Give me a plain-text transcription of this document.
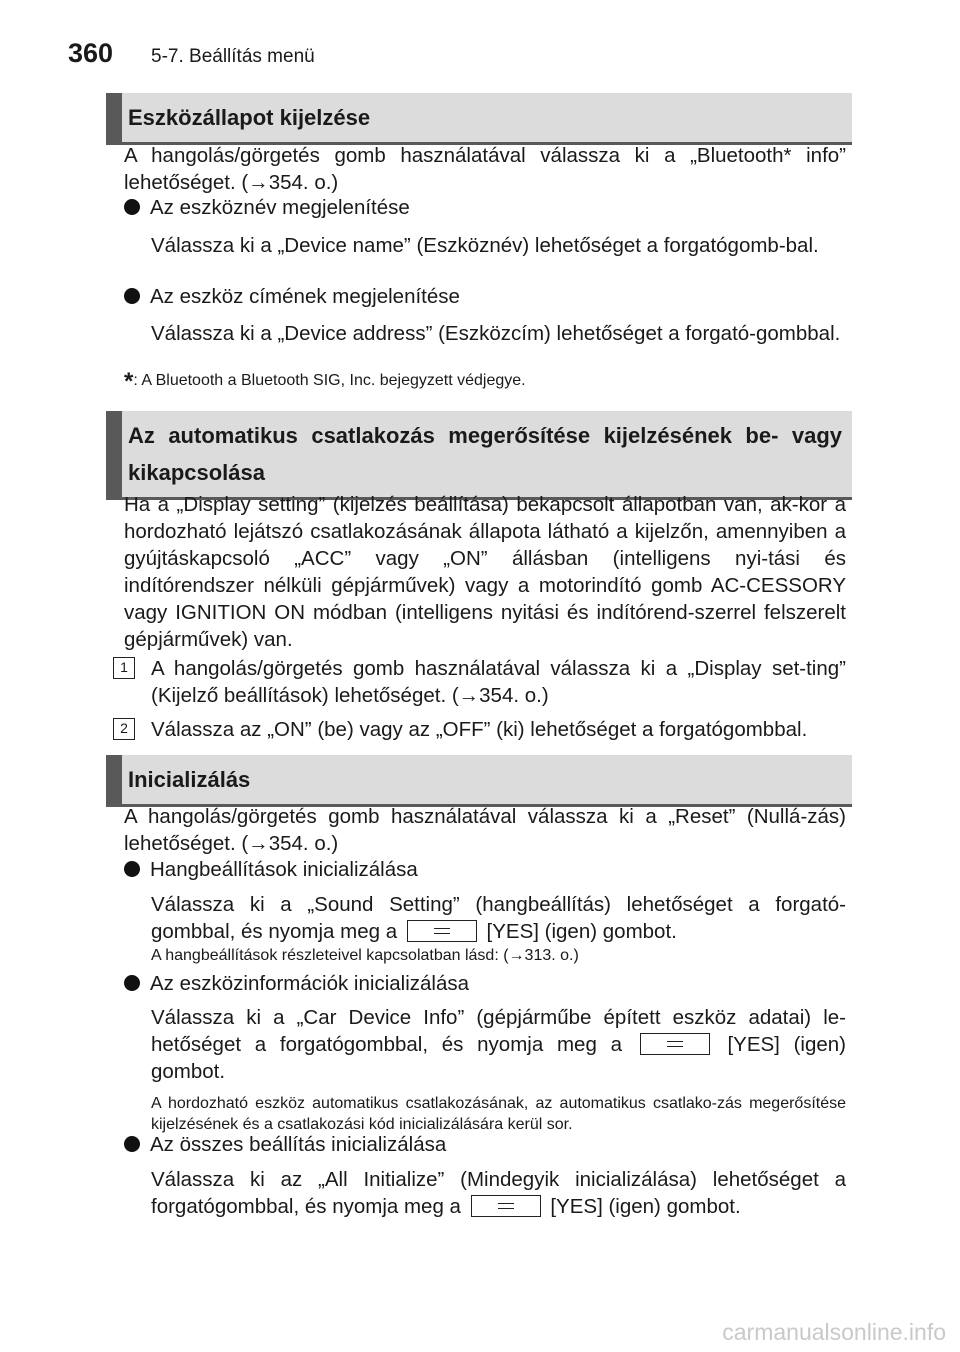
360 5-7. Beállítás menü
Eszközállapot kijelzése
A hangolás/görgetés gomb használatával válassza ki a „Bluetooth* info” lehetőséget. (→354. o.)
Az eszköznév megjelenítése
Válassza ki a „Device name” (Eszköznév) lehetőséget a forgatógomb-bal.
Az eszköz címének megjelenítése
Válassza ki a „Device address” (Eszközcím) lehetőséget a forgató-gombbal.
*: A Bluetooth a Bluetooth SIG, Inc. bejegyzett védjegye.
Az automatikus csatlakozás megerősítése kijelzésének be- vagy kikapcsolása
Ha a „Display setting” (kijelzés beállítása) bekapcsolt állapotban van, ak-kor a hordozható lejátszó csatlakozásának állapota látható a kijelzőn, amennyiben a gyújtáskapcsoló „ACC” vagy „ON” állásban (intelligens nyi-tási és indítórendszer nélküli gépjárművek) vagy a motorindító gomb AC-CESSORY vagy IGNITION ON módban (intelligens nyitási és indítórend-szerrel felszerelt gépjárművek) van.
1	A hangolás/görgetés gomb használatával válassza ki a „Display set-ting” (Kijelző beállítások) lehetőséget. (→354. o.)
2	Válassza az „ON” (be) vagy az „OFF” (ki) lehetőséget a forgatógombbal.
Inicializálás
A hangolás/görgetés gomb használatával válassza ki a „Reset” (Nullá-zás) lehetőséget. (→354. o.)
Hangbeállítások inicializálása
Válassza ki a „Sound Setting” (hangbeállítás) lehetőséget a forgató-gombbal, és nyomja meg a	[YES] (igen) gombot.
A hangbeállítások részleteivel kapcsolatban lásd: (→313. o.)
Az eszközinformációk inicializálása
Válassza ki a „Car Device Info” (gépjárműbe épített eszköz adatai) le-hetőséget a forgatógombbal, és nyomja meg a	[YES] (igen) gombot.
A hordozható eszköz automatikus csatlakozásának, az automatikus csatlako-zás megerősítése kijelzésének és a csatlakozási kód inicializálására kerül sor.
Az összes beállítás inicializálása
Válassza ki az „All Initialize” (Mindegyik inicializálása) lehetőséget a forgatógombbal, és nyomja meg a	[YES] (igen) gombot.
carmanualsonline.info
